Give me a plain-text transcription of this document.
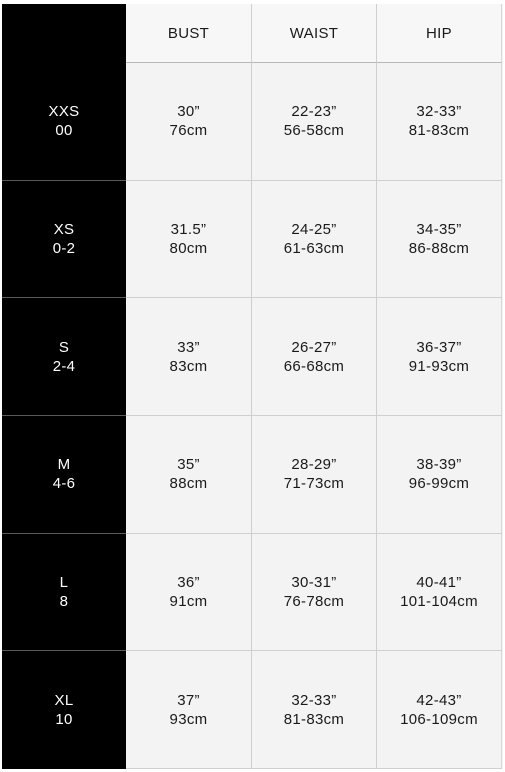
BUST	WAIST	HIP
XXS
00
30”
76cm
22-23”
56-58cm
32-33”
81-83cm
XS
0-2
31.5”
80cm
24-25”
61-63cm
34-35”
86-88cm
S
2-4
33”
83cm
26-27”
66-68cm
36-37”
91-93cm
M
4-6
35”
88cm
28-29”
71-73cm
38-39”
96-99cm
L
8
36”
91cm
30-31”
76-78cm
40-41”
101-104cm
XL
10
37”
93cm
32-33”
81-83cm
42-43”
106-109cm
